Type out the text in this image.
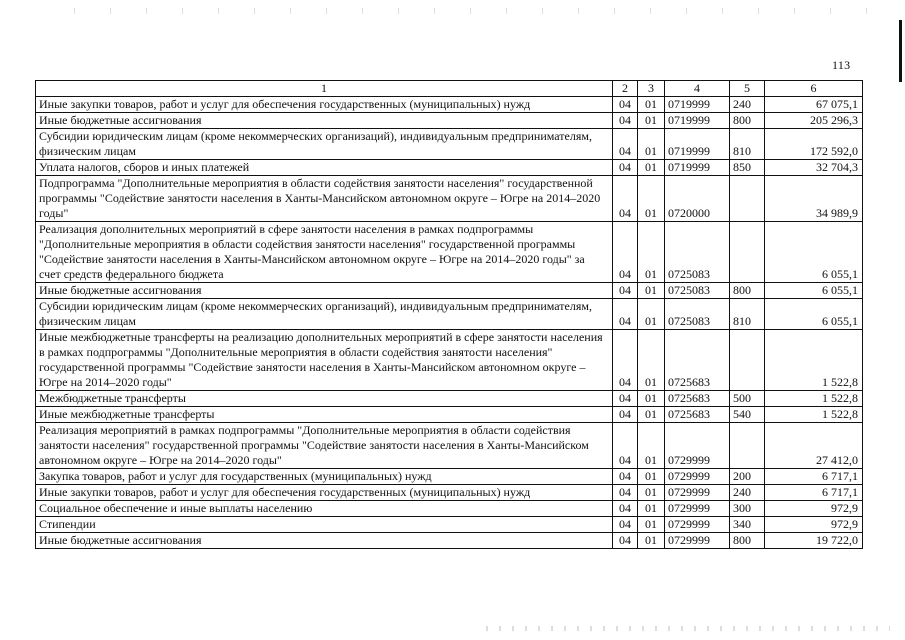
113
1	2	3	4	5	6
Иные закупки товаров, работ и услуг для обеспечения государственных (муниципальных) нужд	04	01	0719999	240	67 075,1
Иные бюджетные ассигнования	04	01	0719999	800	205 296,3
Субсидии юридическим лицам (кроме некоммерческих организаций), индивидуальным предпринимателям, физическим лицам	04	01	0719999	810	172 592,0
Уплата налогов, сборов и иных платежей	04	01	0719999	850	32 704,3
Подпрограмма "Дополнительные мероприятия в области содействия занятости населения" государственной программы "Содействие занятости населения в Ханты-Мансийском автономном округе – Югре на 2014–2020 годы"	04	01	0720000		34 989,9
Реализация дополнительных мероприятий в сфере занятости населения в рамках подпрограммы "Дополнительные мероприятия в области содействия занятости населения" государственной программы "Содействие занятости населения в Ханты-Мансийском автономном округе – Югре на 2014–2020 годы" за счет средств федерального бюджета	04	01	0725083		6 055,1
Иные бюджетные ассигнования	04	01	0725083	800	6 055,1
Субсидии юридическим лицам (кроме некоммерческих организаций), индивидуальным предпринимателям, физическим лицам	04	01	0725083	810	6 055,1
Иные межбюджетные трансферты на реализацию дополнительных мероприятий в сфере занятости населения в рамках подпрограммы "Дополнительные мероприятия в области содействия занятости населения" государственной программы "Содействие занятости населения в Ханты-Мансийском автономном округе – Югре на 2014–2020 годы"	04	01	0725683		1 522,8
Межбюджетные трансферты	04	01	0725683	500	1 522,8
Иные межбюджетные трансферты	04	01	0725683	540	1 522,8
Реализация мероприятий в рамках подпрограммы "Дополнительные мероприятия в области содействия занятости населения" государственной программы "Содействие занятости населения в Ханты-Мансийском автономном округе – Югре на 2014–2020 годы"	04	01	0729999		27 412,0
Закупка товаров, работ и услуг для государственных (муниципальных) нужд	04	01	0729999	200	6 717,1
Иные закупки товаров, работ и услуг для обеспечения государственных (муниципальных) нужд	04	01	0729999	240	6 717,1
Социальное обеспечение и иные выплаты населению	04	01	0729999	300	972,9
Стипендии	04	01	0729999	340	972,9
Иные бюджетные ассигнования	04	01	0729999	800	19 722,0
